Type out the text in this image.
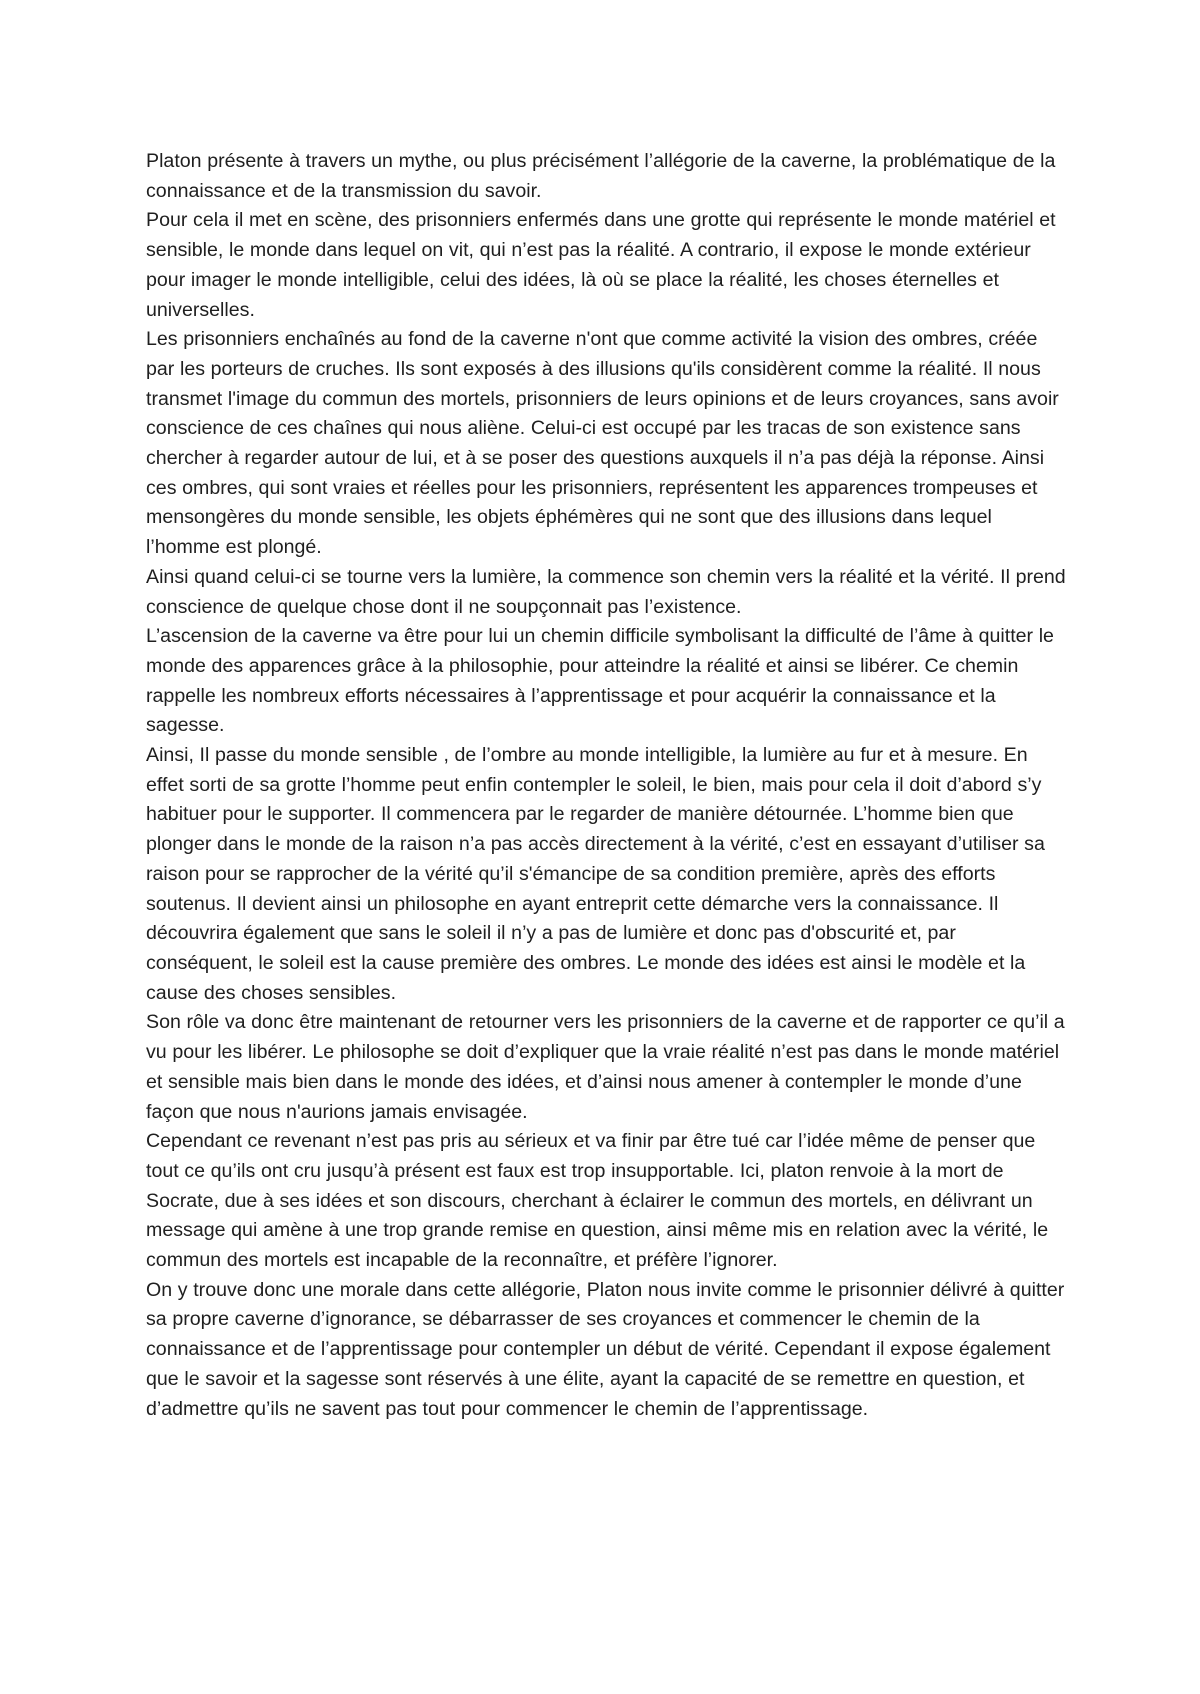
Platon présente à travers un mythe, ou plus précisément l’allégorie de la caverne, la problématique de la connaissance et de la transmission du savoir.

Pour cela il met en scène, des prisonniers enfermés dans une grotte qui représente le monde matériel et sensible, le monde dans lequel on vit, qui n’est pas la réalité. A contrario, il expose le monde extérieur pour imager le monde intelligible, celui des idées, là où se place la réalité, les choses éternelles et universelles.

Les prisonniers enchaînés au fond de la caverne n'ont que comme activité la vision des ombres, créée par les porteurs de cruches. Ils sont exposés à des illusions qu'ils considèrent comme la réalité. Il nous transmet l'image du commun des mortels, prisonniers de leurs opinions et de leurs croyances, sans avoir conscience de ces chaînes qui nous aliène. Celui-ci est occupé par les tracas de son existence sans chercher à regarder autour de lui, et à se poser des questions auxquels il n’a pas déjà la réponse. Ainsi ces ombres, qui sont vraies et réelles pour les prisonniers, représentent les apparences trompeuses et mensongères du monde sensible, les objets éphémères qui ne sont que des illusions dans lequel l’homme est plongé.

Ainsi quand celui-ci se tourne vers la lumière, la commence son chemin vers la réalité et la vérité. Il prend conscience de quelque chose dont il ne soupçonnait pas l’existence.

L’ascension de la caverne va être pour lui un chemin difficile symbolisant la difficulté de l’âme à quitter le monde des apparences grâce à la philosophie, pour atteindre la réalité et ainsi se libérer. Ce chemin rappelle les nombreux efforts nécessaires à l’apprentissage et pour acquérir la connaissance et la sagesse.

Ainsi, Il passe du monde sensible , de l’ombre au monde intelligible, la lumière au fur et à mesure. En effet sorti de sa grotte l’homme peut enfin contempler le soleil, le bien, mais pour cela il doit d’abord s’y habituer pour le supporter. Il commencera par le regarder de manière détournée. L’homme bien que plonger dans le monde de la raison n’a pas accès directement à la vérité, c’est en essayant d’utiliser sa raison pour se rapprocher de la vérité qu’il s'émancipe de sa condition première, après des efforts soutenus. Il devient ainsi un philosophe en ayant entreprit cette démarche vers la connaissance. Il découvrira également que sans le soleil il n’y a pas de lumière et donc pas d'obscurité et, par conséquent, le soleil est la cause première des ombres. Le monde des idées est ainsi le modèle et la cause des choses sensibles.

Son rôle va donc être maintenant de retourner vers les prisonniers de la caverne et de rapporter ce qu’il a vu pour les libérer. Le philosophe se doit d’expliquer que la vraie réalité n’est pas dans le monde matériel et sensible mais bien dans le monde des idées, et d’ainsi nous amener à contempler le monde d’une façon que nous n'aurions jamais envisagée.

Cependant ce revenant n’est pas pris au sérieux et va finir par être tué car l’idée même de penser que tout ce qu’ils ont cru jusqu’à présent est faux est trop insupportable. Ici, platon renvoie à la mort de Socrate, due à ses idées et son discours, cherchant à éclairer le commun des mortels, en délivrant un message qui amène à une trop grande remise en question, ainsi même mis en relation avec la vérité, le commun des mortels est incapable de la reconnaître, et préfère l’ignorer.

On y trouve donc une morale dans cette allégorie, Platon nous invite comme le prisonnier délivré à quitter sa propre caverne d’ignorance, se débarrasser de ses croyances et commencer le chemin de la connaissance et de l’apprentissage pour contempler un début de vérité. Cependant il expose également que le savoir et la sagesse sont réservés à une élite, ayant la capacité de se remettre en question, et d’admettre qu’ils ne savent pas tout pour commencer le chemin de l’apprentissage.
